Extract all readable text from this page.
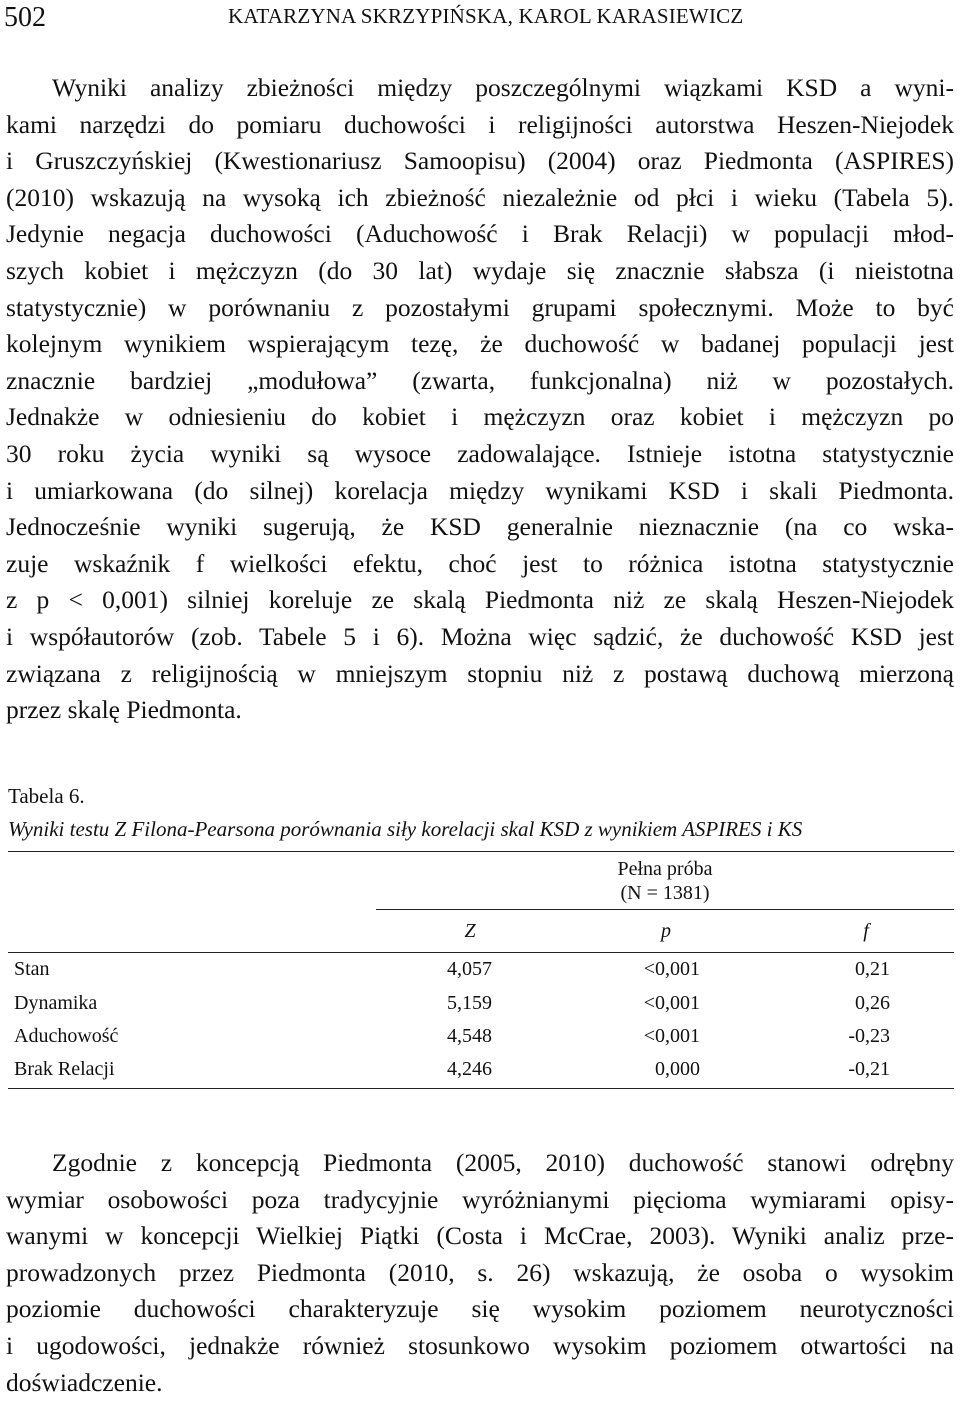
502	KATARZYNA SKRZYPIŃSKA, KAROL KARASIEWICZ
Wyniki analizy zbieżności między poszczególnymi wiązkami KSD a wyni-
kami narzędzi do pomiaru duchowości i religijności autorstwa Heszen-Niejodek
i Gruszczyńskiej (Kwestionariusz Samoopisu) (2004) oraz Piedmonta (ASPIRES)
(2010) wskazują na wysoką ich zbieżność niezależnie od płci i wieku (Tabela 5).
Jedynie negacja duchowości (Aduchowość i Brak Relacji) w populacji młod-
szych kobiet i mężczyzn (do 30 lat) wydaje się znacznie słabsza (i nieistotna
statystycznie) w porównaniu z pozostałymi grupami społecznymi. Może to być
kolejnym wynikiem wspierającym tezę, że duchowość w badanej populacji jest
znacznie bardziej „modułowa” (zwarta, funkcjonalna) niż w pozostałych.
Jednakże w odniesieniu do kobiet i mężczyzn oraz kobiet i mężczyzn po
30 roku życia wyniki są wysoce zadowalające. Istnieje istotna statystycznie
i umiarkowana (do silnej) korelacja między wynikami KSD i skali Piedmonta.
Jednocześnie wyniki sugerują, że KSD generalnie nieznacznie (na co wska-
zuje wskaźnik f wielkości efektu, choć jest to różnica istotna statystycznie
z p < 0,001) silniej koreluje ze skalą Piedmonta niż ze skalą Heszen-Niejodek
i współautorów (zob. Tabele 5 i 6). Można więc sądzić, że duchowość KSD jest
związana z religijnością w mniejszym stopniu niż z postawą duchową mierzoną
przez skalę Piedmonta.
Tabela 6.
Wyniki testu Z Filona-Pearsona porównania siły korelacji skal KSD z wynikiem ASPIRES i KS
Pełna próba
(N = 1381)
Z	p	f
Stan	4,057	<0,001	0,21
Dynamika	5,159	<0,001	0,26
Aduchowość	4,548	<0,001	-0,23
Brak Relacji	4,246	0,000	-0,21
Zgodnie z koncepcją Piedmonta (2005, 2010) duchowość stanowi odrębny
wymiar osobowości poza tradycyjnie wyróżnianymi pięcioma wymiarami opisy-
wanymi w koncepcji Wielkiej Piątki (Costa i McCrae, 2003). Wyniki analiz prze-
prowadzonych przez Piedmonta (2010, s. 26) wskazują, że osoba o wysokim
poziomie duchowości charakteryzuje się wysokim poziomem neurotyczności
i ugodowości, jednakże również stosunkowo wysokim poziomem otwartości na
doświadczenie.
